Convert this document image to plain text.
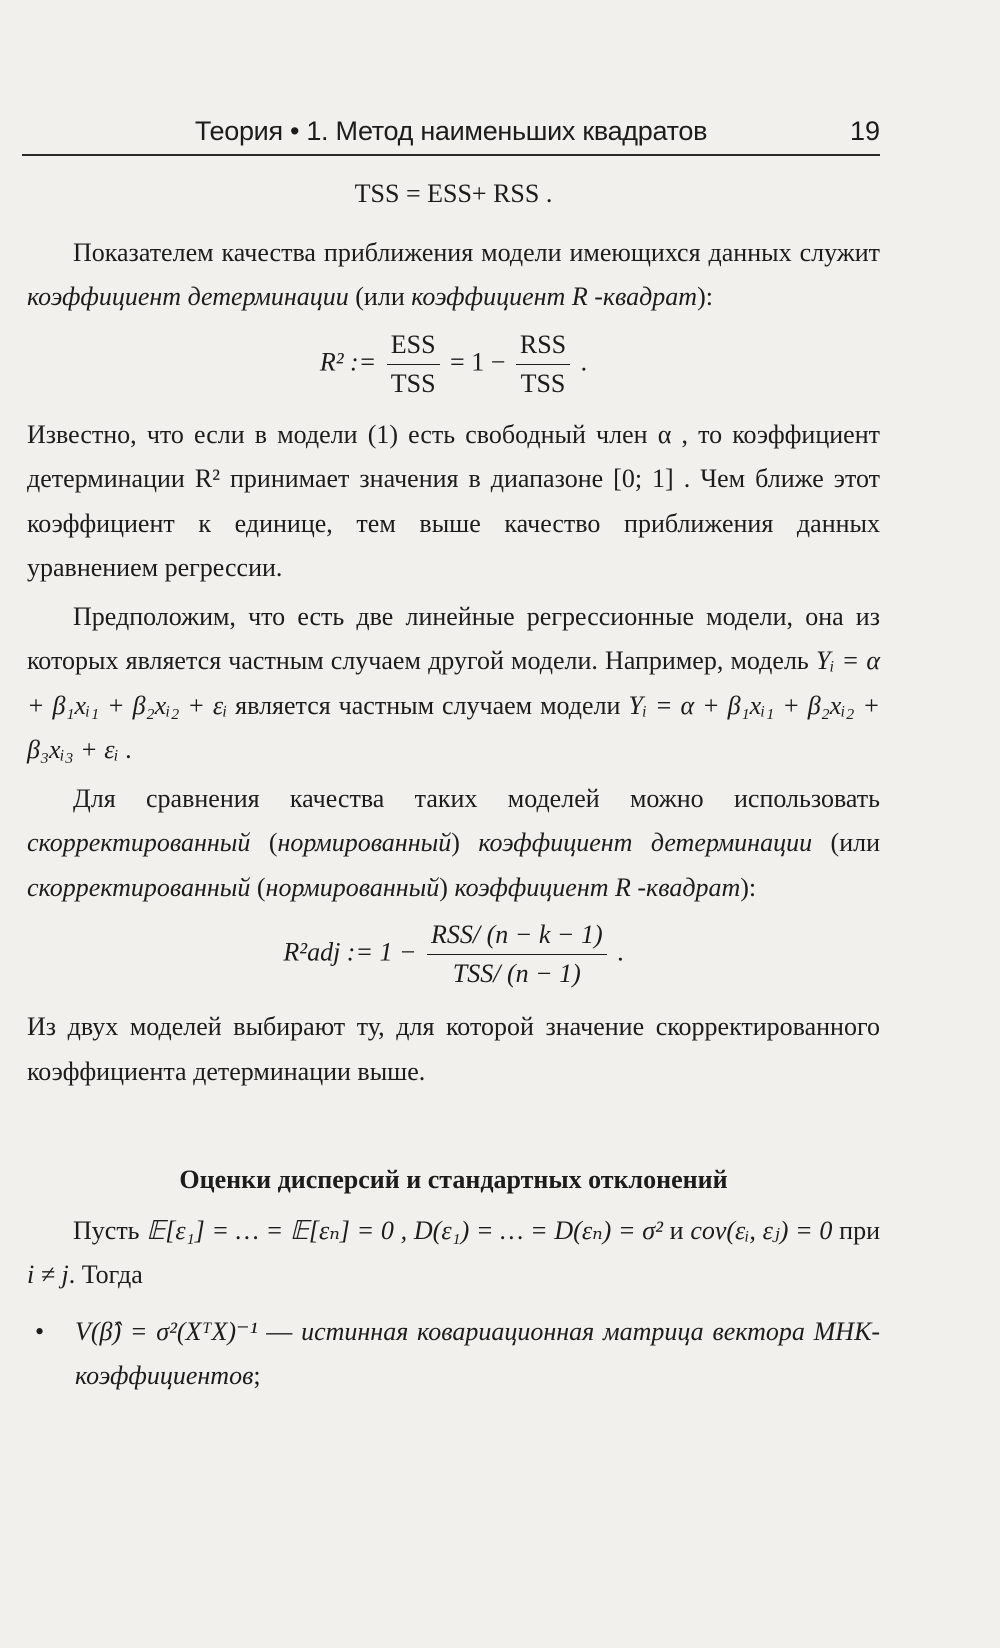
Теория • 1. Метод наименьших квадратов	19
TSS = ESS+ RSS .

Показателем качества приближения модели имеющихся данных служит коэффициент детерминации (или коэффициент R -квадрат):

R² := $\frac{\text{ESS}}{\text{TSS}} = 1 - \frac{\text{RSS}}{\text{TSS}}$ .

Известно, что если в модели (1) есть свободный член α , то коэффициент детерминации R² принимает значения в диапазоне [0; 1] . Чем ближе этот коэффициент к единице, тем выше качество приближения данных уравнением регрессии.

Предположим, что есть две линейные регрессионные модели, она из которых является частным случаем другой модели. Например, модель Yᵢ = α + β₁xᵢ₁ + β₂xᵢ₂ + εᵢ является частным случаем модели Yᵢ = α + β₁xᵢ₁ + β₂xᵢ₂ + β₃xᵢ₃ + εᵢ .

Для сравнения качества таких моделей можно использовать скорректированный (нормированный) коэффициент детерминации (или скорректированный (нормированный) коэффициент R -квадрат):

R²adj := $1 - \frac{\text{RSS/ (n − k − 1)}}{\text{TSS/ (n − 1)}}$ .

Из двух моделей выбирают ту, для которой значение скорректированного коэффициента детерминации выше.

Оценки дисперсий и стандартных отклонений

Пусть 𝔼[ε₁] = … = 𝔼[εₙ] = 0 , D(ε₁) = … = D(εₙ) = σ² и cov(εᵢ, εⱼ) = 0 при i ≠ j. Тогда

• V(β̂) = σ²(XᵀX)⁻¹ — истинная ковариационная матрица вектора МНК-коэффициентов;
